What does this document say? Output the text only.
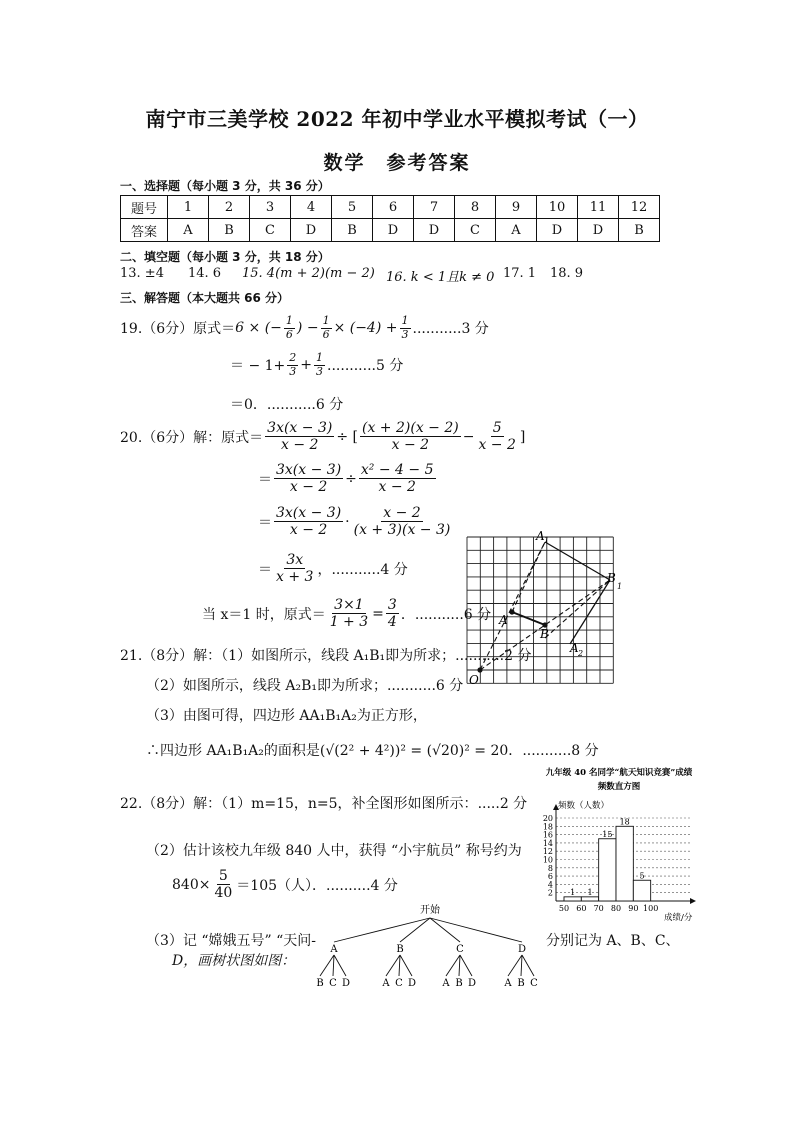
南宁市三美学校 2022 年初中学业水平模拟考试（一）
数学　参考答案
一、选择题（每小题 3 分，共 36 分）
题号	1	2	3	4	5	6	7	8	9	10	11	12
答案	A	B	C	D	B	D	D	C	A	D	D	B
二、填空题（每小题 3 分，共 18 分）
13. ±4 14. 6 15. 4(m + 2)(m − 2) 16. k < 1且k ≠ 0 17. 1 18. 9
三、解答题（本大题共 66 分）
19.（6分）原式＝ 6 × (− $\frac{1}{6}$ ) − $\frac{1}{6} \times (-4) + \frac{1}{3} ...........3$ 分
＝ − $1+ \frac{2}{3} + \frac{1}{3} ...........5$ 分
＝0．...........6 分
20.（6分）解：原式＝ $\frac{3x(x - 3)}{x - 2}$ ÷ [ $\frac{(x + 2)(x - 2)}{x - 2} - \frac{5}{x - 2}$ ]
＝ $\frac{3x(x - 3)}{x - 2} \div \frac{\text{x² − 4 − 5}}{x - 2}$
＝ $\frac{3x(x - 3)}{x - 2} \cdot \frac{x - 2}{(x + 3)(x - 3)}$
＝ $\frac{3x}{x + 3}$ ， ...........4 分
当 x＝1 时，原式＝ $\frac{3\times 1}{1 + 3} = \frac{3}{4}$ ． ...........6 分
A 1
B
1
A
B
A 2
O
21.（8分）解：（1）如图所示，线段 A₁B₁即为所求；...........2 分
（2）如图所示，线段 A₂B₁即为所求；...........6 分
（3）由图可得，四边形 AA₁B₁A₂为正方形，
∴四边形 AA₁B₁A₂的面积是(√(2² + 4²))² = (√20)² = 20．...........8 分
22.（8分）解：（1）m=15，n=5，补全图形如图所示：.....2 分
（2）估计该校九年级 840 人中，获得 “小宇航员” 称号约为
$840\times \frac{5}{40} =105$（人）． ..........4 分
（3）记 “嫦娥五号” “天问-	分别记为 A、B、C、
D，画树状图如图：
开始
A
B C D
B
A C D
C
A B D
D
A B C
九年级 40 名同学“航天知识竞赛”成绩
频数直方图
频数（人数）
成绩/分
2
4
6
8
10
12
14
16
18
20
50 60 70 80 90 100
1 1
15
18
5
